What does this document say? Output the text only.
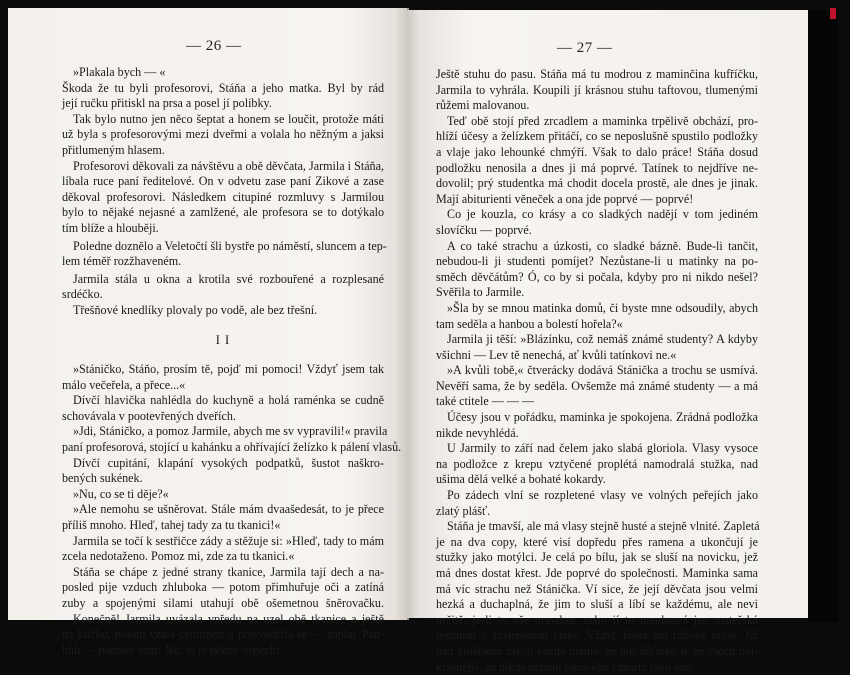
— 26 —
»Plakala bych — «
Škoda že tu byli profesorovi, Stáňa a jeho matka. Byl by rád
její ručku přitiskl na prsa a posel jí polibky.
Tak bylo nutno jen něco šeptat a honem se loučit, protože máti
už byla s profesorovými mezi dveřmi a volala ho něžným a jaksi
přitlumeným hlasem.
Profesorovi děkovali za návštěvu a obě děvčata, Jarmila i Stáňa,
líbala ruce paní ředitelové. On v odvetu zase paní Zikové a zase
děkoval profesorovi. Následkem citupiné rozmluvy s Jarmilou
bylo to nějaké nejasné a zamlžené, ale profesora se to dotýkalo
tím blíže a hlouběji.
Poledne doznělo a Veletočtí šli bystře po náměstí, sluncem a tep-
lem téměř rozžhaveném.
Jarmila stála u okna a krotila své rozbouřené a rozplesané
srdéčko.
Třešňové knedlíky plovaly po vodě, ale bez třešní.
I I
»Stáničko, Stáňo, prosím tě, pojď mi pomoci! Vždyť jsem tak
málo večeřela, a přece...«
Dívčí hlavička nahlédla do kuchyně a holá raménka se cudně
schovávala v pootevřených dveřích.
»Jdi, Stáničko, a pomoz Jarmile, abych me sv vypravili!« pravila
paní profesorová, stojící u kahánku a ohřívající želízko k pálení vlasů.
Dívčí cupitání, klapání vysokých podpatků, šustot naškro-
bených sukének.
»Nu, co se ti děje?«
»Ale nemohu se ušněrovat. Stále mám dvaašedesát, to je přece
příliš mnoho. Hleď, tahej tady za tu tkanici!«
Jarmila se točí k sestřičce zády a stěžuje si: »Hleď, tady to mám
zcela nedotaženo. Pomoz mi, zde za tu tkanici.«
Stáňa se chápe z jedné strany tkanice, Jarmila tají dech a na-
posled pije vzduch zhluboka — potom přimhuřuje oči a zatíná
zuby a spojenými silami utahují obě ošemetnou šněrovačku.
Konečně! Jarmila uvázala vpředu na uzel obě tkanice a ještě
na kličku, potom vzala centimetr a přesvědčila se — zaplať Pán-
bůh — padesát osm! Nu, to je pěkný úspěch!
— 27 —
Ještě stuhu do pasu. Stáňa má tu modrou z maminčina kufříčku,
Jarmila to vyhrála. Koupili jí krásnou stuhu taftovou, tlumenými
růžemi malovanou.
Teď obě stojí před zrcadlem a maminka trpělivě obchází, pro-
hlíží účesy a želízkem přitáčí, co se neposlušně spustilo podložky
a vlaje jako lehounké chmýří. Však to dalo práce! Stáňa dosud
podložku nenosila a dnes ji má poprvé. Tatínek to nejdříve ne-
dovolil; prý studentka má chodit docela prostě, ale dnes je jinak.
Mají abiturienti věneček a ona jde poprvé — poprvé!
Co je kouzla, co krásy a co sladkých nadějí v tom jediném
slovíčku — poprvé.
A co také strachu a úzkosti, co sladké bázně. Bude-li tančit,
nebudou-li ji studenti pomíjet? Nezůstane-li u matinky na po-
směch děvčátům? Ó, co by si počala, kdyby pro ni nikdo nešel?
Svěřila to Jarmile.
»Šla by se mnou matinka domů, či byste mne odsoudily, abych
tam seděla a hanbou a bolestí hořela?«
Jarmila ji těší: »Blázínku, což nemáš známé studenty? A kdyby
všichni — Lev tě nenechá, ať kvůli tatínkovi ne.«
»A kvůli tobě,« čtverácky dodává Stánička a trochu se usmívá.
Nevěří sama, že by seděla. Ovšemže má známé studenty — a má
také ctitele — — —
Účesy jsou v pořádku, maminka je spokojena. Zrádná podložka
nikde nevyhlédá.
U Jarmily to září nad čelem jako slabá gloriola. Vlasy vysoce
na podložce z krepu vztyčené proplétá namodralá stužka, nad
ušima dělá velké a bohaté kokardy.
Po zádech vlní se rozpletené vlasy ve volných peřejích jako
zlatý plášť.
Stáňa je tmavší, ale má vlasy stejně husté a stejně vlnité. Zapletá
je na dva copy, které visí dopředu přes ramena a ukončují je
stužky jako motýlci. Je celá po bílu, jak se sluší na novicku, jež
má dnes dostat křest. Jde poprvé do společnosti. Maminka sama
má víc strachu než Stánička. Ví sice, že její děvčata jsou velmi
hezká a duchaplná, že jim to sluší a líbí se každému, ale nevi
určitě, je-li to vše pravdou, nebo jí to namlouvá jen mateřská
ješitnost a zaslepenost lásky. Vždyť láska má růžové brýle. Již
nad kolébkou myslí každá máma, že její děťátko je ze všech nej-
krásnější, že nikde nemají takového caparta jako ona.
